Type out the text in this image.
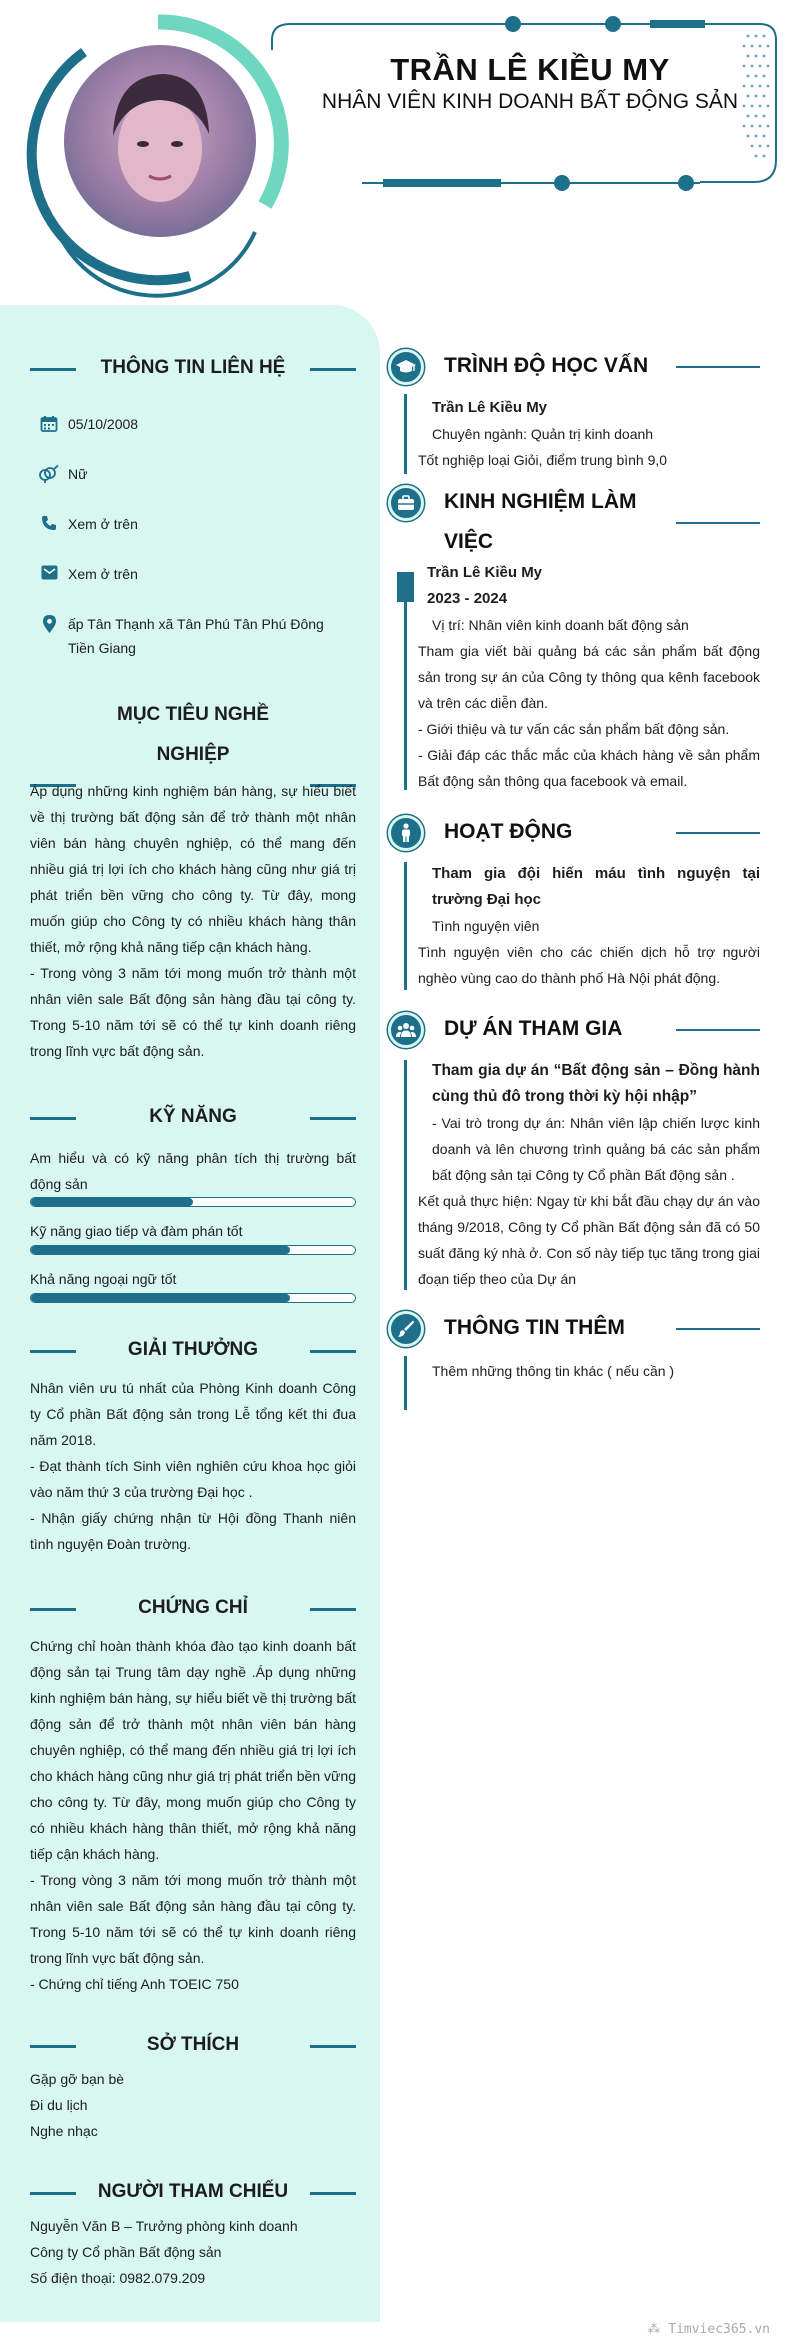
TRẦN LÊ KIỀU MY
NHÂN VIÊN KINH DOANH BẤT ĐỘNG SẢN
THÔNG TIN LIÊN HỆ
05/10/2008
Nữ
Xem ở trên
Xem ở trên
ấp Tân Thạnh xã Tân Phú Tân Phú Đông Tiền Giang
MỤC TIÊU NGHỀ
NGHIỆP

Áp dụng những kinh nghiệm bán hàng, sự hiểu biết về thị trường bất động sản để trở thành một nhân viên bán hàng chuyên nghiệp, có thể mang đến nhiều giá trị lợi ích cho khách hàng cũng như giá trị phát triển bền vững cho công ty. Từ đây, mong muốn giúp cho Công ty có nhiều khách hàng thân thiết, mở rộng khả năng tiếp cận khách hàng.

- Trong vòng 3 năm tới mong muốn trở thành một nhân viên sale Bất động sản hàng đầu tại công ty. Trong 5-10 năm tới sẽ có thể tự kinh doanh riêng trong lĩnh vực bất động sản.

KỸ NĂNG
Am hiểu và có kỹ năng phân tích thị trường bất động sản
Kỹ năng giao tiếp và đàm phán tốt
Khả năng ngoại ngữ tốt
GIẢI THƯỞNG

Nhân viên ưu tú nhất của Phòng Kinh doanh Công ty Cổ phần Bất động sản trong Lễ tổng kết thi đua năm 2018.

- Đạt thành tích Sinh viên nghiên cứu khoa học giỏi vào năm thứ 3 của trường Đại học .

- Nhận giấy chứng nhận từ Hội đồng Thanh niên tình nguyện Đoàn trường.

CHỨNG CHỈ

Chứng chỉ hoàn thành khóa đào tạo kinh doanh bất động sản tại Trung tâm dạy nghề .Áp dụng những kinh nghiệm bán hàng, sự hiểu biết về thị trường bất động sản để trở thành một nhân viên bán hàng chuyên nghiệp, có thể mang đến nhiều giá trị lợi ích cho khách hàng cũng như giá trị phát triển bền vững cho công ty. Từ đây, mong muốn giúp cho Công ty có nhiều khách hàng thân thiết, mở rộng khả năng tiếp cận khách hàng.

- Trong vòng 3 năm tới mong muốn trở thành một nhân viên sale Bất động sản hàng đầu tại công ty. Trong 5-10 năm tới sẽ có thể tự kinh doanh riêng trong lĩnh vực bất động sản.

- Chứng chỉ tiếng Anh TOEIC 750

SỞ THÍCH

Gặp gỡ bạn bè

Đi du lịch

Nghe nhạc

NGƯỜI THAM CHIẾU

Nguyễn Văn B – Trưởng phòng kinh doanh

Công ty Cổ phần Bất động sản

Số điện thoại: 0982.079.209

TRÌNH ĐỘ HỌC VẤN
Trần Lê Kiều My
Chuyên ngành: Quản trị kinh doanh
Tốt nghiệp loại Giỏi, điểm trung bình 9,0
KINH NGHIỆM LÀM
VIỆC
Trần Lê Kiều My
2023 - 2024
Vị trí: Nhân viên kinh doanh bất động sản
Tham gia viết bài quảng bá các sản phẩm bất động sản trong sự án của Công ty thông qua kênh facebook và trên các diễn đàn.
- Giới thiệu và tư vấn các sản phẩm bất động sản.
- Giải đáp các thắc mắc của khách hàng về sản phẩm Bất động sản thông qua facebook và email.
HOẠT ĐỘNG
Tham gia đội hiến máu tình nguyện tại trường Đại học
Tình nguyện viên
Tình nguyện viên cho các chiến dịch hỗ trợ người nghèo vùng cao do thành phố Hà Nội phát động.
DỰ ÁN THAM GIA
Tham gia dự án “Bất động sản – Đồng hành cùng thủ đô trong thời kỳ hội nhập”
- Vai trò trong dự án: Nhân viên lập chiến lược kinh doanh và lên chương trình quảng bá các sản phẩm bất động sản tại Công ty Cổ phần Bất động sản .
Kết quả thực hiện: Ngay từ khi bắt đầu chạy dự án vào tháng 9/2018, Công ty Cổ phần Bất động sản đã có 50 suất đăng ký nhà ở. Con số này tiếp tục tăng trong giai đoạn tiếp theo của Dự án
THÔNG TIN THÊM
Thêm những thông tin khác ( nếu cần )
⁂ Timviec365.vn
